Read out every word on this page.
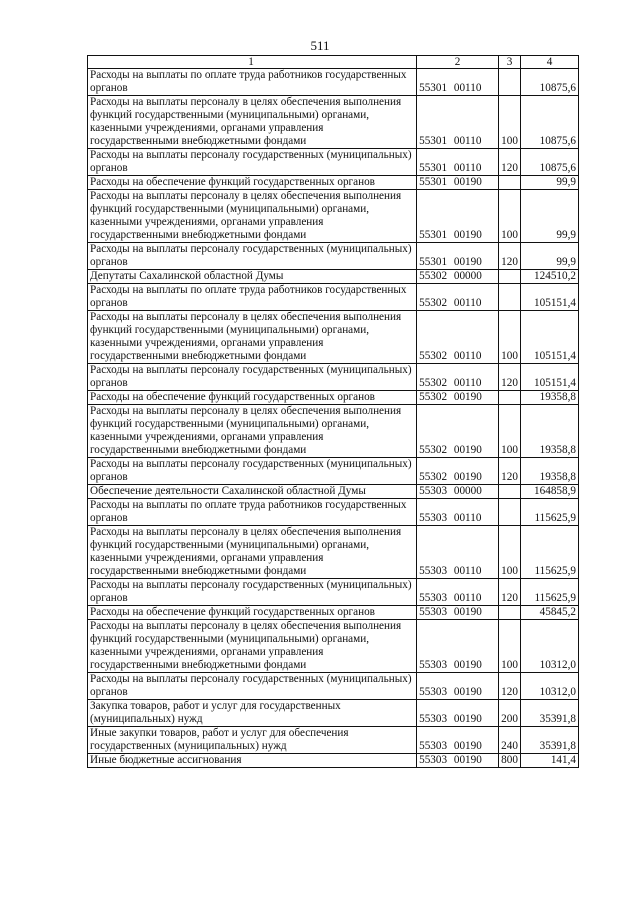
511
1	2	3	4
Расходы на выплаты по оплате труда работников государственных органов	55301 00110		10875,6
Расходы на выплаты персоналу в целях обеспечения выполнения функций государственными (муниципальными) органами, казенными учреждениями, органами управления государственными внебюджетными фондами	55301 00110	100	10875,6
Расходы на выплаты персоналу государственных (муниципальных) органов	55301 00110	120	10875,6
Расходы на обеспечение функций государственных органов	55301 00190		99,9
Расходы на выплаты персоналу в целях обеспечения выполнения функций государственными (муниципальными) органами, казенными учреждениями, органами управления государственными внебюджетными фондами	55301 00190	100	99,9
Расходы на выплаты персоналу государственных (муниципальных) органов	55301 00190	120	99,9
Депутаты Сахалинской областной Думы	55302 00000		124510,2
Расходы на выплаты по оплате труда работников государственных органов	55302 00110		105151,4
Расходы на выплаты персоналу в целях обеспечения выполнения функций государственными (муниципальными) органами, казенными учреждениями, органами управления государственными внебюджетными фондами	55302 00110	100	105151,4
Расходы на выплаты персоналу государственных (муниципальных) органов	55302 00110	120	105151,4
Расходы на обеспечение функций государственных органов	55302 00190		19358,8
Расходы на выплаты персоналу в целях обеспечения выполнения функций государственными (муниципальными) органами, казенными учреждениями, органами управления государственными внебюджетными фондами	55302 00190	100	19358,8
Расходы на выплаты персоналу государственных (муниципальных) органов	55302 00190	120	19358,8
Обеспечение деятельности Сахалинской областной Думы	55303 00000		164858,9
Расходы на выплаты по оплате труда работников государственных органов	55303 00110		115625,9
Расходы на выплаты персоналу в целях обеспечения выполнения функций государственными (муниципальными) органами, казенными учреждениями, органами управления государственными внебюджетными фондами	55303 00110	100	115625,9
Расходы на выплаты персоналу государственных (муниципальных) органов	55303 00110	120	115625,9
Расходы на обеспечение функций государственных органов	55303 00190		45845,2
Расходы на выплаты персоналу в целях обеспечения выполнения функций государственными (муниципальными) органами, казенными учреждениями, органами управления государственными внебюджетными фондами	55303 00190	100	10312,0
Расходы на выплаты персоналу государственных (муниципальных) органов	55303 00190	120	10312,0
Закупка товаров, работ и услуг для государственных (муниципальных) нужд	55303 00190	200	35391,8
Иные закупки товаров, работ и услуг для обеспечения государственных (муниципальных) нужд	55303 00190	240	35391,8
Иные бюджетные ассигнования	55303 00190	800	141,4
